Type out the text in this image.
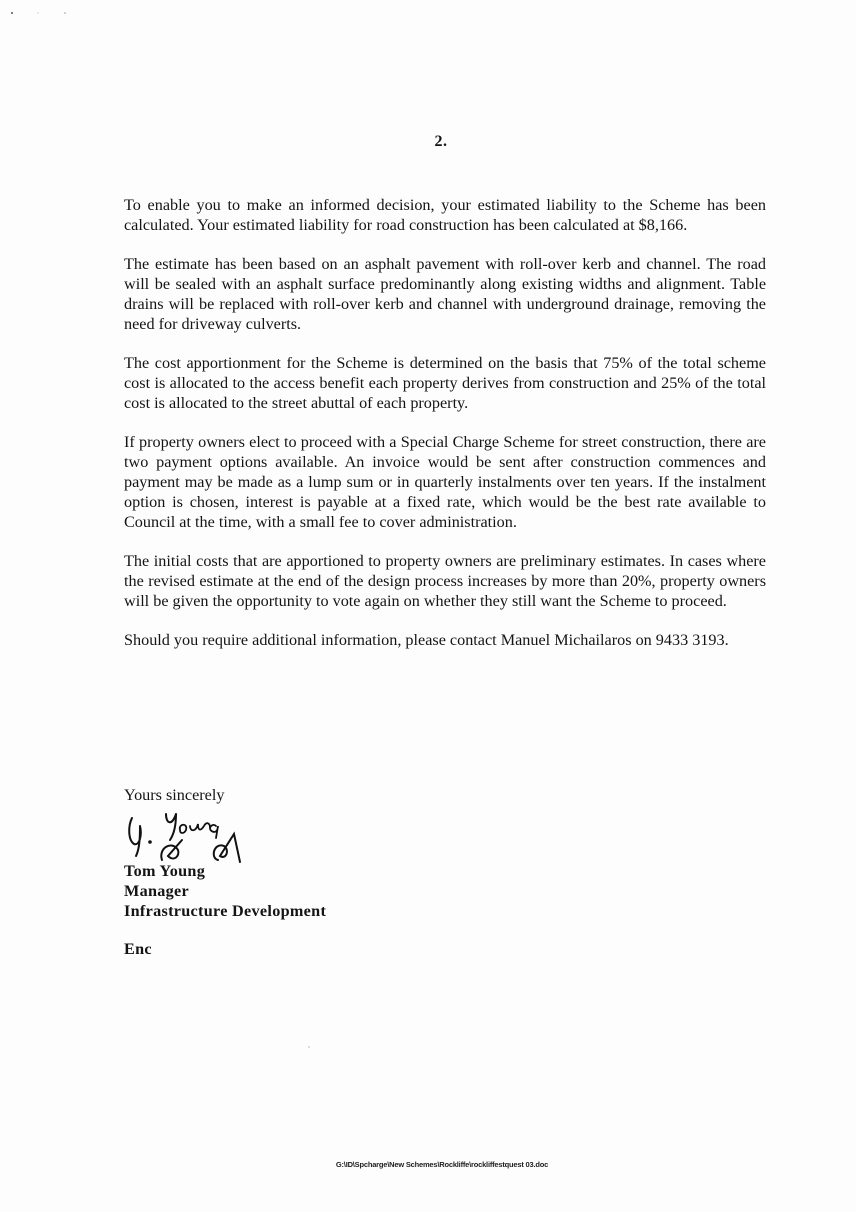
2.

To enable you to make an informed decision, your estimated liability to the Scheme has been calculated. Your estimated liability for road construction has been calculated at $8,166.

The estimate has been based on an asphalt pavement with roll-over kerb and channel. The road will be sealed with an asphalt surface predominantly along existing widths and alignment. Table drains will be replaced with roll-over kerb and channel with underground drainage, removing the need for driveway culverts.

The cost apportionment for the Scheme is determined on the basis that 75% of the total scheme cost is allocated to the access benefit each property derives from construction and 25% of the total cost is allocated to the street abuttal of each property.

If property owners elect to proceed with a Special Charge Scheme for street construction, there are two payment options available. An invoice would be sent after construction commences and payment may be made as a lump sum or in quarterly instalments over ten years. If the instalment option is chosen, interest is payable at a fixed rate, which would be the best rate available to Council at the time, with a small fee to cover administration.

The initial costs that are apportioned to property owners are preliminary estimates. In cases where the revised estimate at the end of the design process increases by more than 20%, property owners will be given the opportunity to vote again on whether they still want the Scheme to proceed.

Should you require additional information, please contact Manuel Michailaros on 9433 3193.

Yours sincerely
Tom Young
Manager
Infrastructure Development
Enc
G:\ID\Spcharge\New Schemes\Rockliffe\rockliffestquest 03.doc
